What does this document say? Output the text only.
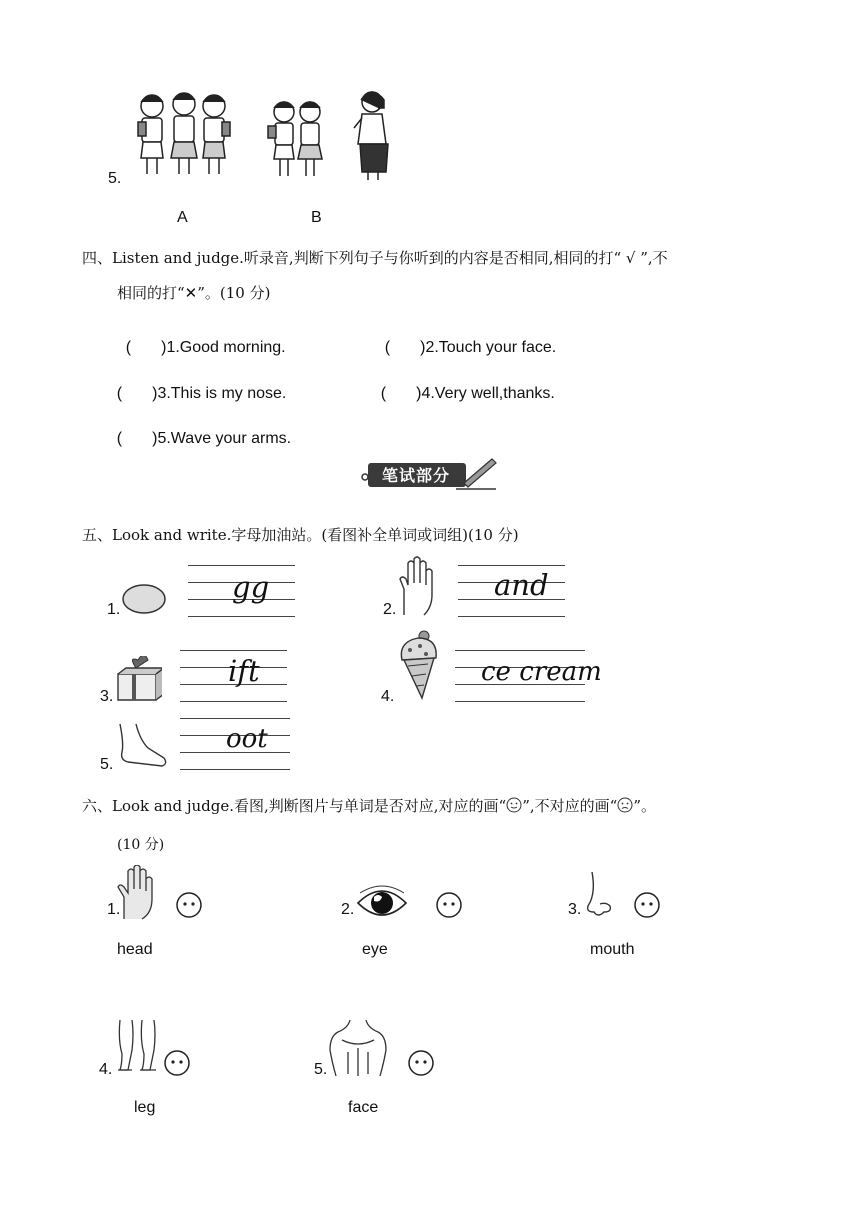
5.
A	B
四、Listen and judge.听录音,判断下列句子与你听到的内容是否相同,相同的打“ √ ”,不
相同的打“✕”。(10 分)

( )1.Good morning.
	( )2.Touch your face.

( )3.This is my nose.
	( )4.Very well,thanks.

( )5.Wave your arms.

笔试部分
五、Look and write.字母加油站。(看图补全单词或词组)(10 分)
1.
gg
2.
and
3.
ift
4.
ce cream
5.
oot
六、Look and judge.看图,判断图片与单词是否对应,对应的画“ ”,不对应的画“ ”。
(10 分)
1.
head
2.
eye
3.
mouth
4.
leg
5.
face
